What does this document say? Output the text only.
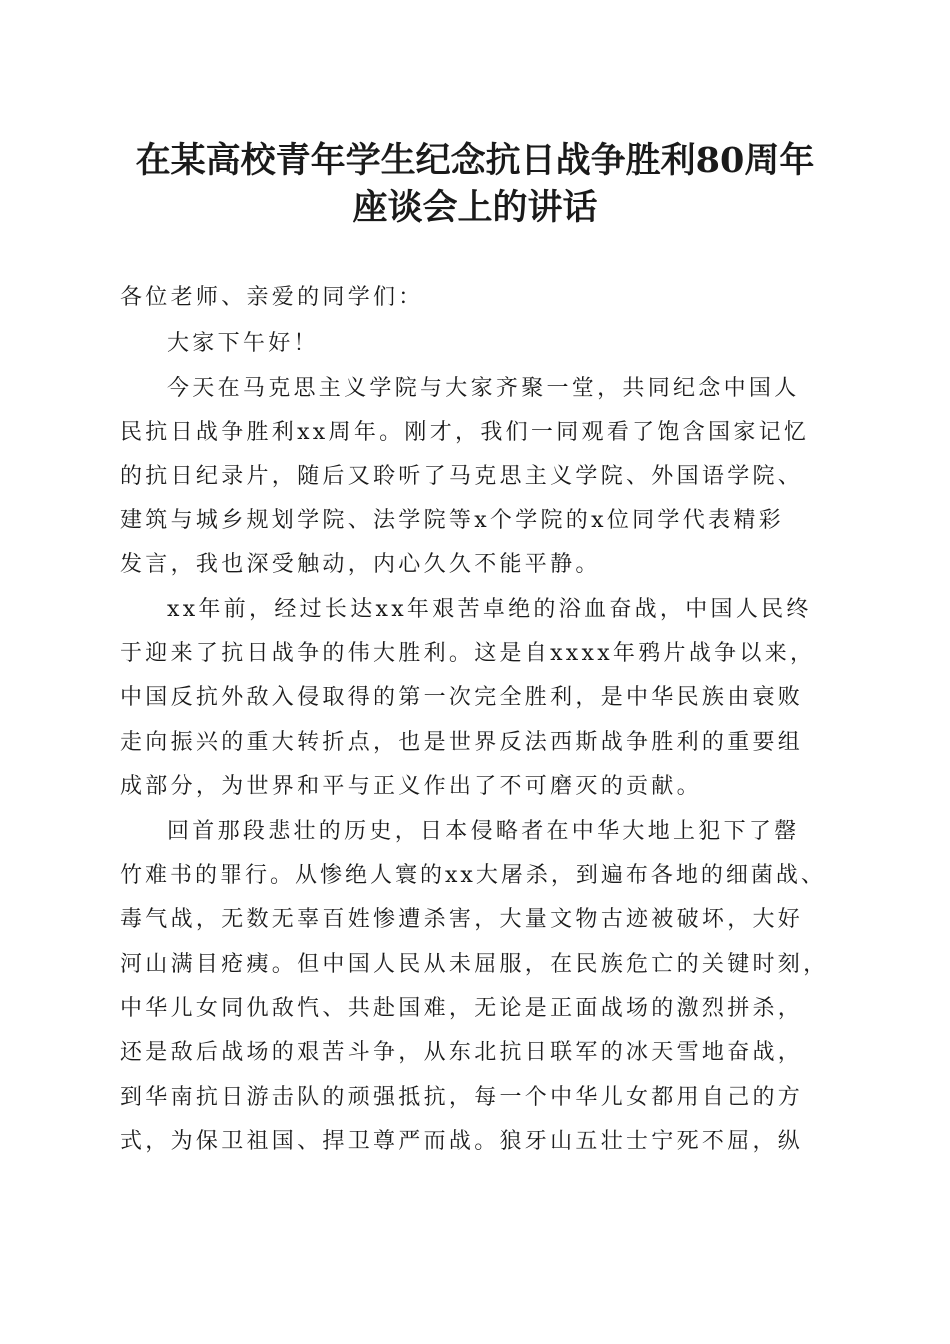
在某高校青年学生纪念抗日战争胜利80周年
座谈会上的讲话
各位老师、亲爱的同学们：
大家下午好！
今天在马克思主义学院与大家齐聚一堂，共同纪念中国人
民抗日战争胜利xx周年。刚才，我们一同观看了饱含国家记忆
的抗日纪录片，随后又聆听了马克思主义学院、外国语学院、
建筑与城乡规划学院、法学院等x个学院的x位同学代表精彩
发言，我也深受触动，内心久久不能平静。
xx年前，经过长达xx年艰苦卓绝的浴血奋战，中国人民终
于迎来了抗日战争的伟大胜利。这是自xxxx年鸦片战争以来，
中国反抗外敌入侵取得的第一次完全胜利，是中华民族由衰败
走向振兴的重大转折点，也是世界反法西斯战争胜利的重要组
成部分，为世界和平与正义作出了不可磨灭的贡献。
回首那段悲壮的历史，日本侵略者在中华大地上犯下了罄
竹难书的罪行。从惨绝人寰的xx大屠杀，到遍布各地的细菌战、
毒气战，无数无辜百姓惨遭杀害，大量文物古迹被破坏，大好
河山满目疮痍。但中国人民从未屈服，在民族危亡的关键时刻，
中华儿女同仇敌忾、共赴国难，无论是正面战场的激烈拼杀，
还是敌后战场的艰苦斗争，从东北抗日联军的冰天雪地奋战，
到华南抗日游击队的顽强抵抗，每一个中华儿女都用自己的方
式，为保卫祖国、捍卫尊严而战。狼牙山五壮士宁死不屈，纵
